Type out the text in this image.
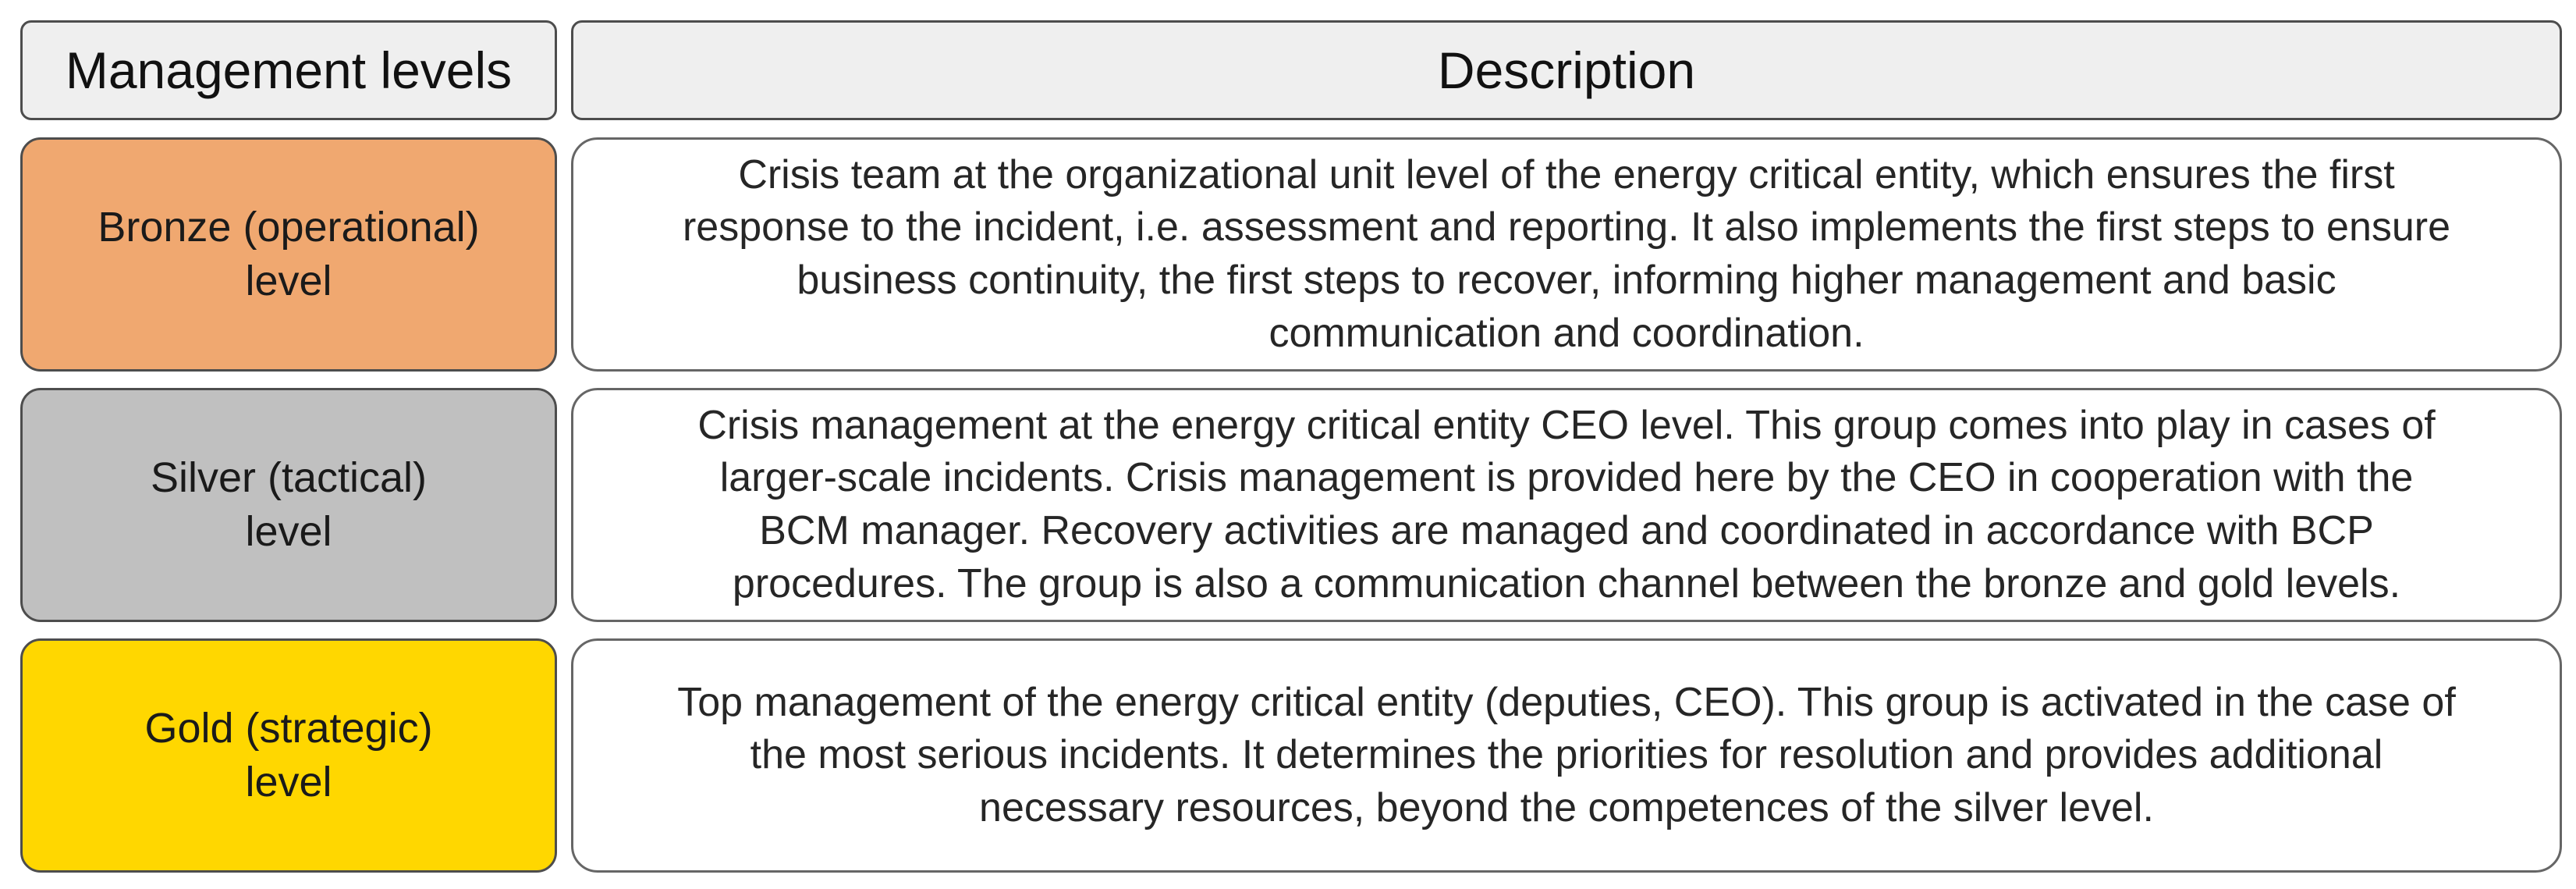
Management levels	Description
Bronze (operational)
level
Crisis team at the organizational unit level of the energy critical entity, which ensures the first
response to the incident, i.e. assessment and reporting. It also implements the first steps to ensure
business continuity, the first steps to recover, informing higher management and basic
communication and coordination.
Silver (tactical)
level
Crisis management at the energy critical entity CEO level. This group comes into play in cases of
larger-scale incidents. Crisis management is provided here by the CEO in cooperation with the
BCM manager. Recovery activities are managed and coordinated in accordance with BCP
procedures. The group is also a communication channel between the bronze and gold levels.
Gold (strategic)
level
Top management of the energy critical entity (deputies, CEO). This group is activated in the case of
the most serious incidents. It determines the priorities for resolution and provides additional
necessary resources, beyond the competences of the silver level.
